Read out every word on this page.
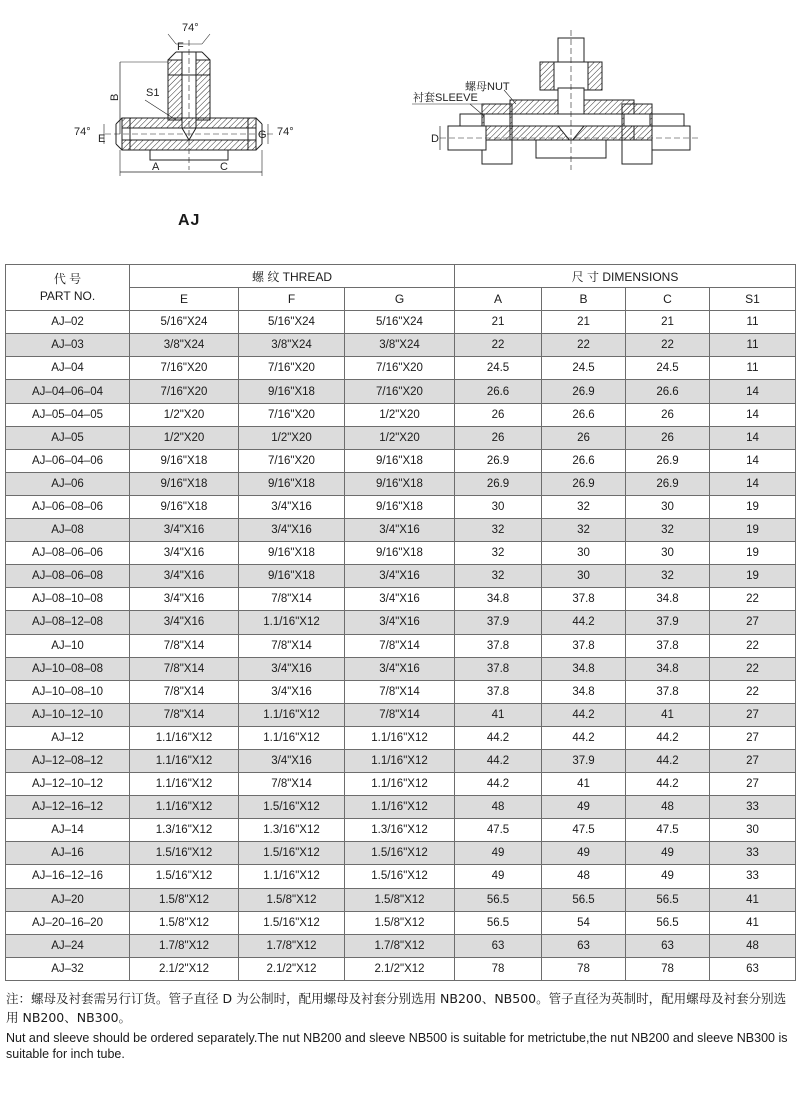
74°
F
B S1
74°
E	G 74°
A	C
螺母NUT
衬套SLEEVE
D
AJ
代 号
PART NO.	螺 纹 THREAD			尺 寸 DIMENSIONS			
	E	F	G	A	B	C	S1
AJ–02	5/16"X24	5/16"X24	5/16"X24	21	21	21	11
AJ–03	3/8"X24	3/8"X24	3/8"X24	22	22	22	11
AJ–04	7/16"X20	7/16"X20	7/16"X20	24.5	24.5	24.5	11
AJ–04–06–04	7/16"X20	9/16"X18	7/16"X20	26.6	26.9	26.6	14
AJ–05–04–05	1/2"X20	7/16"X20	1/2"X20	26	26.6	26	14
AJ–05	1/2"X20	1/2"X20	1/2"X20	26	26	26	14
AJ–06–04–06	9/16"X18	7/16"X20	9/16"X18	26.9	26.6	26.9	14
AJ–06	9/16"X18	9/16"X18	9/16"X18	26.9	26.9	26.9	14
AJ–06–08–06	9/16"X18	3/4"X16	9/16"X18	30	32	30	19
AJ–08	3/4"X16	3/4"X16	3/4"X16	32	32	32	19
AJ–08–06–06	3/4"X16	9/16"X18	9/16"X18	32	30	30	19
AJ–08–06–08	3/4"X16	9/16"X18	3/4"X16	32	30	32	19
AJ–08–10–08	3/4"X16	7/8"X14	3/4"X16	34.8	37.8	34.8	22
AJ–08–12–08	3/4"X16	1.1/16"X12	3/4"X16	37.9	44.2	37.9	27
AJ–10	7/8"X14	7/8"X14	7/8"X14	37.8	37.8	37.8	22
AJ–10–08–08	7/8"X14	3/4"X16	3/4"X16	37.8	34.8	34.8	22
AJ–10–08–10	7/8"X14	3/4"X16	7/8"X14	37.8	34.8	37.8	22
AJ–10–12–10	7/8"X14	1.1/16"X12	7/8"X14	41	44.2	41	27
AJ–12	1.1/16"X12	1.1/16"X12	1.1/16"X12	44.2	44.2	44.2	27
AJ–12–08–12	1.1/16"X12	3/4"X16	1.1/16"X12	44.2	37.9	44.2	27
AJ–12–10–12	1.1/16"X12	7/8"X14	1.1/16"X12	44.2	41	44.2	27
AJ–12–16–12	1.1/16"X12	1.5/16"X12	1.1/16"X12	48	49	48	33
AJ–14	1.3/16"X12	1.3/16"X12	1.3/16"X12	47.5	47.5	47.5	30
AJ–16	1.5/16"X12	1.5/16"X12	1.5/16"X12	49	49	49	33
AJ–16–12–16	1.5/16"X12	1.1/16"X12	1.5/16"X12	49	48	49	33
AJ–20	1.5/8"X12	1.5/8"X12	1.5/8"X12	56.5	56.5	56.5	41
AJ–20–16–20	1.5/8"X12	1.5/16"X12	1.5/8"X12	56.5	54	56.5	41
AJ–24	1.7/8"X12	1.7/8"X12	1.7/8"X12	63	63	63	48
AJ–32	2.1/2"X12	2.1/2"X12	2.1/2"X12	78	78	78	63
注：螺母及衬套需另行订货。管子直径 D 为公制时，配用螺母及衬套分别选用 NB200、NB500。管子直径为英制时，配用螺母及衬套分别选用 NB200、NB300。
Nut and sleeve should be ordered separately.The nut NB200 and sleeve NB500 is suitable for metrictube,the nut NB200 and sleeve NB300 is suitable for inch tube.
